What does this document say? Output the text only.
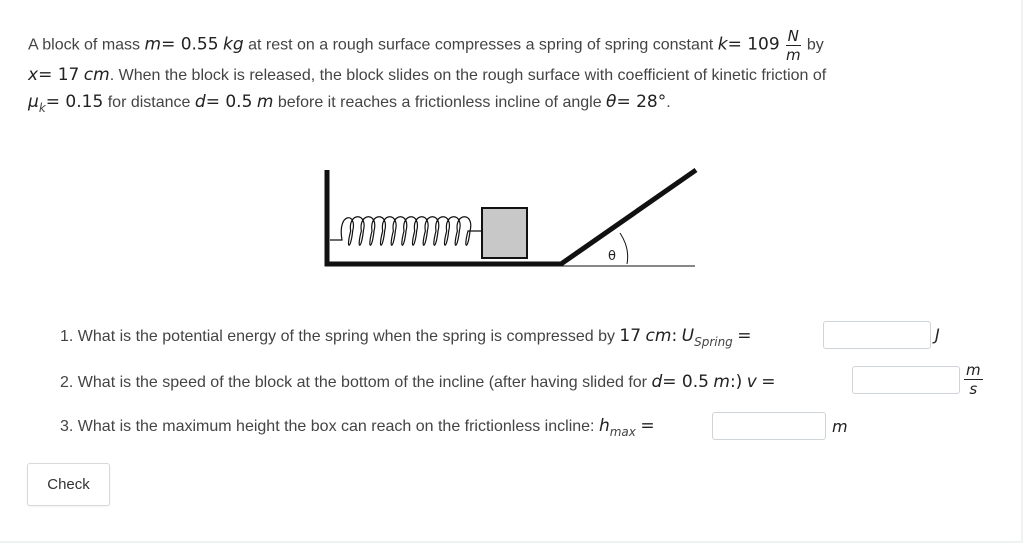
A block of mass m= 0.55 kg at rest on a rough surface compresses a spring of spring constant $k= 109 \frac{N}{m}$ by
x= 17 cm. When the block is released, the block slides on the rough surface with coefficient of kinetic friction of
$\mu_k= 0.15$ for distance d= 0.5 m before it reaches a frictionless incline of angle θ= 28°.
θ
1. What is the potential energy of the spring when the spring is compressed by 17 cm: $U_{Spring}$ =	J
2. What is the speed of the block at the bottom of the incline (after having slided for d= 0.5 m:) v =	$\frac{m}{s}$
3. What is the maximum height the box can reach on the frictionless incline: $h_{max}$ =	m
Check
